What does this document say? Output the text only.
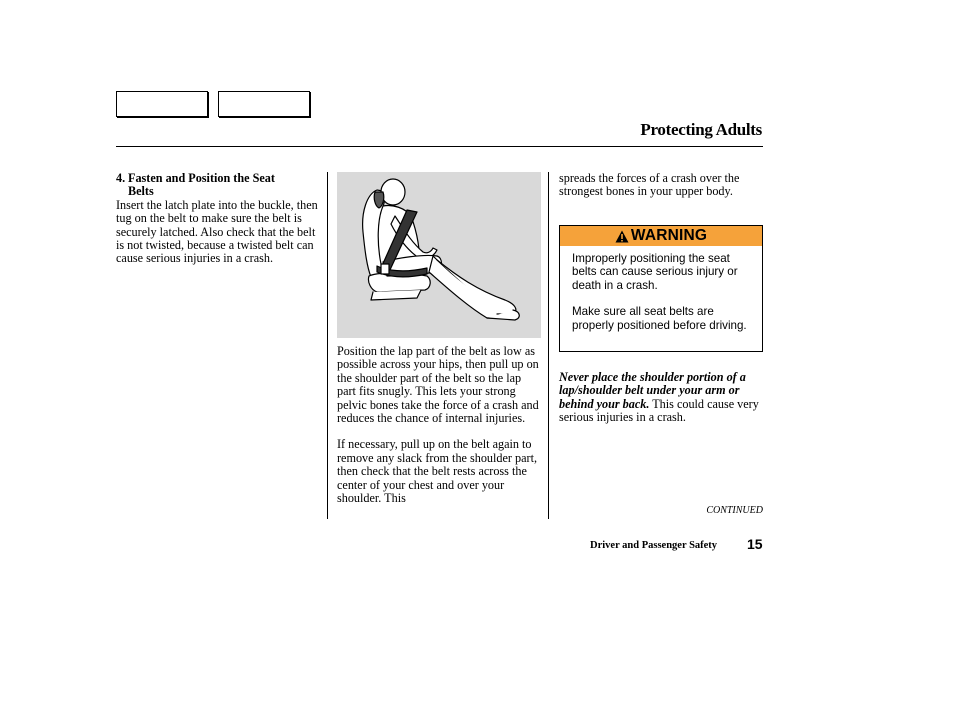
Protecting Adults
4. Fasten and Position the Seat
Belts
Insert the latch plate into the buckle, then tug on the belt to make sure the belt is securely latched. Also check that the belt is not twisted, because a twisted belt can cause serious injuries in a crash.

Position the lap part of the belt as low as possible across your hips, then pull up on the shoulder part of the belt so the lap part fits snugly. This lets your strong pelvic bones take the force of a crash and reduces the chance of internal injuries.

If necessary, pull up on the belt again to remove any slack from the shoulder part, then check that the belt rests across the center of your chest and over your shoulder. This

spreads the forces of a crash over the strongest bones in your upper body.

WARNING

Improperly positioning the seat belts can cause serious injury or death in a crash.

Make sure all seat belts are properly positioned before driving.

Never place the shoulder portion of a lap/shoulder belt under your arm or behind your back. This could cause very serious injuries in a crash.
CONTINUED
Driver and Passenger Safety 15
